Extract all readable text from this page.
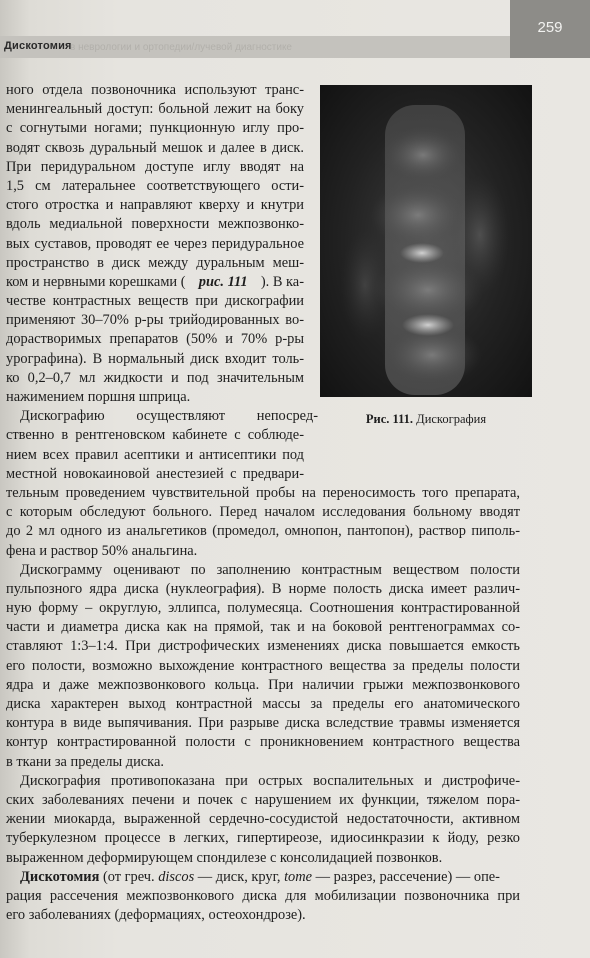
Дискотомия
в неврологии и ортопедии/лучевой диагностике
259
Рис. 111. Дискография
ного отдела позвоночника используют транс-
менингеальный доступ: больной лежит на боку
с согнутыми ногами; пункционную иглу про-
водят сквозь дуральный мешок и далее в диск.
При перидуральном доступе иглу вводят на
1,5 см латеральнее соответствующего ости-
стого отростка и направляют кверху и кнутри
вдоль медиальной поверхности межпозвонко-
вых суставов, проводят ее через перидуральное
пространство в диск между дуральным меш-
ком и нервными корешками ( рис. 111 ). В ка-
честве контрастных веществ при дискографии
применяют 30–70% р-ры трийодированных во-
дорастворимых препаратов (50% и 70% р-ры
урографина). В нормальный диск входит толь-
ко 0,2–0,7 мл жидкости и под значительным
нажимением поршня шприца.
Дискографию осуществляют непосред-
ственно в рентгеновском кабинете с соблюде-
нием всех правил асептики и антисептики под
местной новокаиновой анестезией с предвари-
тельным проведением чувствительной пробы на переносимость того препарата,
с которым обследуют больного. Перед началом исследования больному вводят
до 2 мл одного из анальгетиков (промедол, омнопон, пантопон), раствор пиполь-
фена и раствор 50% анальгина.
Дискограмму оценивают по заполнению контрастным веществом полости
пульпозного ядра диска (нуклеография). В норме полость диска имеет различ-
ную форму – округлую, эллипса, полумесяца. Соотношения контрастированной
части и диаметра диска как на прямой, так и на боковой рентгенограммах со-
ставляют 1:3–1:4. При дистрофических изменениях диска повышается емкость
его полости, возможно выхождение контрастного вещества за пределы полости
ядра и даже межпозвонкового кольца. При наличии грыжи межпозвонкового
диска характерен выход контрастной массы за пределы его анатомического
контура в виде выпячивания. При разрыве диска вследствие травмы изменяется
контур контрастированной полости с проникновением контрастного вещества
в ткани за пределы диска.
Дискография противопоказана при острых воспалительных и дистрофиче-
ских заболеваниях печени и почек с нарушением их функции, тяжелом пора-
жении миокарда, выраженной сердечно-сосудистой недостаточности, активном
туберкулезном процессе в легких, гипертиреозе, идиосинкразии к йоду, резко
выраженном деформирующем спондилезе с консолидацией позвонков.
Дискотомия (от греч. discos — диск, круг, tome — разрез, рассечение) — опе-
рация рассечения межпозвонкового диска для мобилизации позвоночника при
его заболеваниях (деформациях, остеохондрозе).
